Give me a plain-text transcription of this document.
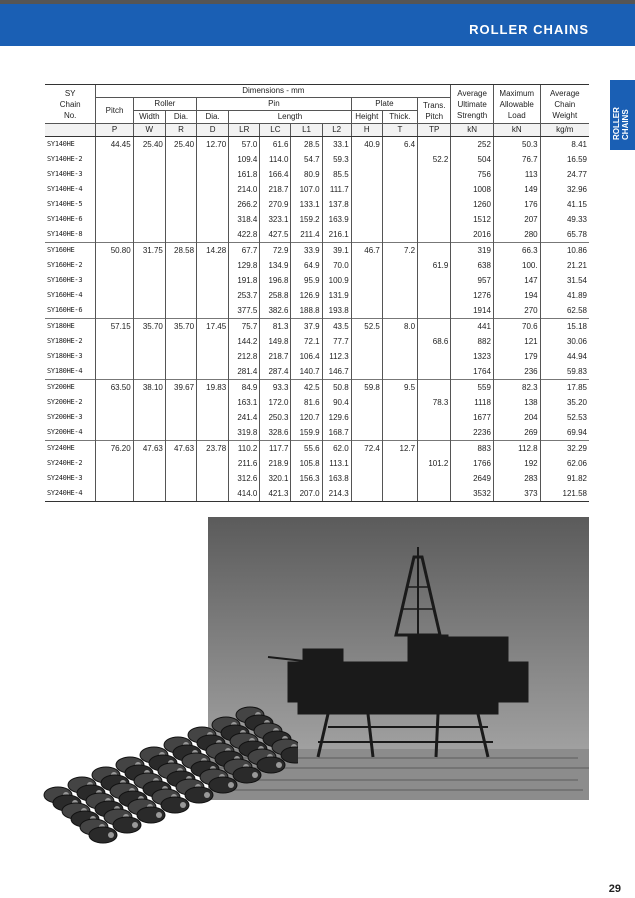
ROLLER CHAINS
ROLLER CHAINS
SY
Chain
No.	Dimensions - mm											Average
Ultimate
Strength	Maximum
Allowable
Load	Average
Chain
Weight
	Pitch	Roller		Pin					Plate		Trans.
Pitch			
		Width	Dia.	Dia.	Length				Height	Thick.				
	P	W	R	D	LR	LC	L1	L2	H	T	TP	kN	kN	kg/m
SY140HE	44.45	25.40	25.40	12.70	57.0	61.6	28.5	33.1	40.9	6.4		252	50.3	8.41
SY140HE-2					109.4	114.0	54.7	59.3			52.2	504	76.7	16.59
SY140HE-3					161.8	166.4	80.9	85.5				756	113	24.77
SY140HE-4					214.0	218.7	107.0	111.7				1008	149	32.96
SY140HE-5					266.2	270.9	133.1	137.8				1260	176	41.15
SY140HE-6					318.4	323.1	159.2	163.9				1512	207	49.33
SY140HE-8					422.8	427.5	211.4	216.1				2016	280	65.78
SY160HE	50.80	31.75	28.58	14.28	67.7	72.9	33.9	39.1	46.7	7.2		319	66.3	10.86
SY160HE-2					129.8	134.9	64.9	70.0			61.9	638	100.	21.21
SY160HE-3					191.8	196.8	95.9	100.9				957	147	31.54
SY160HE-4					253.7	258.8	126.9	131.9				1276	194	41.89
SY160HE-6					377.5	382.6	188.8	193.8				1914	270	62.58
SY180HE	57.15	35.70	35.70	17.45	75.7	81.3	37.9	43.5	52.5	8.0		441	70.6	15.18
SY180HE-2					144.2	149.8	72.1	77.7			68.6	882	121	30.06
SY180HE-3					212.8	218.7	106.4	112.3				1323	179	44.94
SY180HE-4					281.4	287.4	140.7	146.7				1764	236	59.83
SY200HE	63.50	38.10	39.67	19.83	84.9	93.3	42.5	50.8	59.8	9.5		559	82.3	17.85
SY200HE-2					163.1	172.0	81.6	90.4			78.3	1118	138	35.20
SY200HE-3					241.4	250.3	120.7	129.6				1677	204	52.53
SY200HE-4					319.8	328.6	159.9	168.7				2236	269	69.94
SY240HE	76.20	47.63	47.63	23.78	110.2	117.7	55.6	62.0	72.4	12.7		883	112.8	32.29
SY240HE-2					211.6	218.9	105.8	113.1			101.2	1766	192	62.06
SY240HE-3					312.6	320.1	156.3	163.8				2649	283	91.82
SY240HE-4					414.0	421.3	207.0	214.3				3532	373	121.58
29
